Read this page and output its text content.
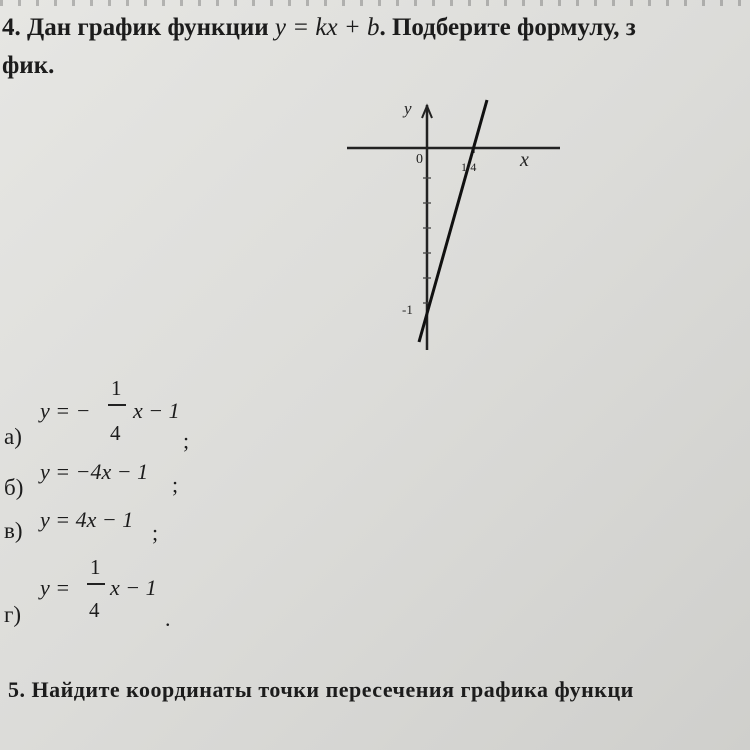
4. Дан график функции y = kx + b. Подберите формулу, з
фик.
y
x
0	1/4
-1
а)
y = −
1
4
x − 1
;
б)
y = −4x − 1
;
в) y = 4x − 1
;
г)
y =
1
4
x − 1
.
5. Найдите координаты точки пересечения графика функци
